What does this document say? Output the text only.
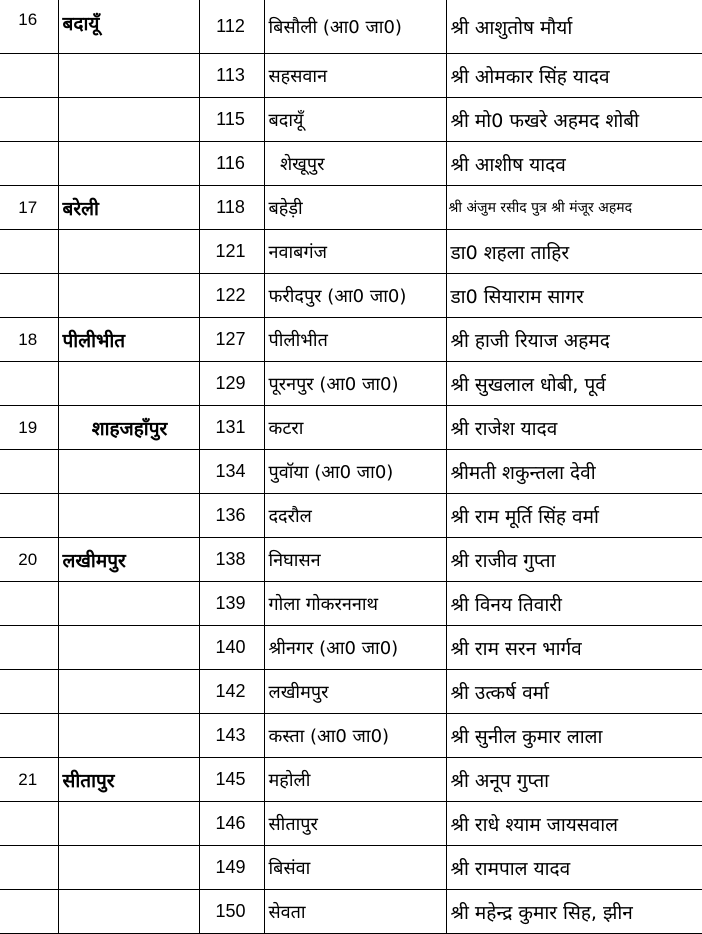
16	बदायूँ	112	बिसौली (आ0 जा0)	श्री आशुतोष मौर्या
		113	सहसवान	श्री ओमकार सिंह यादव
		115	बदायूँ	श्री मो0 फखरे अहमद शोबी
		116	शेखूपुर	श्री आशीष यादव
17	बरेली	118	बहेड़ी	श्री अंजुम रसीद पुत्र श्री मंजूर अहमद
		121	नवाबगंज	डा0 शहला ताहिर
		122	फरीदपुर (आ0 जा0)	डा0 सियाराम सागर
18	पीलीभीत	127	पीलीभीत	श्री हाजी रियाज अहमद
		129	पूरनपुर (आ0 जा0)	श्री सुखलाल धोबी, पूर्व
19	शाहजहाँपुर	131	कटरा	श्री राजेश यादव
		134	पुवॉया (आ0 जा0)	श्रीमती शकुन्तला देवी
		136	ददरौल	श्री राम मूर्ति सिंह वर्मा
20	लखीमपुर	138	निघासन	श्री राजीव गुप्ता
		139	गोला गोकरननाथ	श्री विनय तिवारी
		140	श्रीनगर (आ0 जा0)	श्री राम सरन भार्गव
		142	लखीमपुर	श्री उत्कर्ष वर्मा
		143	कस्ता (आ0 जा0)	श्री सुनील कुमार लाला
21	सीतापुर	145	महोली	श्री अनूप गुप्ता
		146	सीतापुर	श्री राधे श्याम जायसवाल
		149	बिसंवा	श्री रामपाल यादव
		150	सेवता	श्री महेन्द्र कुमार सिह, झीन
